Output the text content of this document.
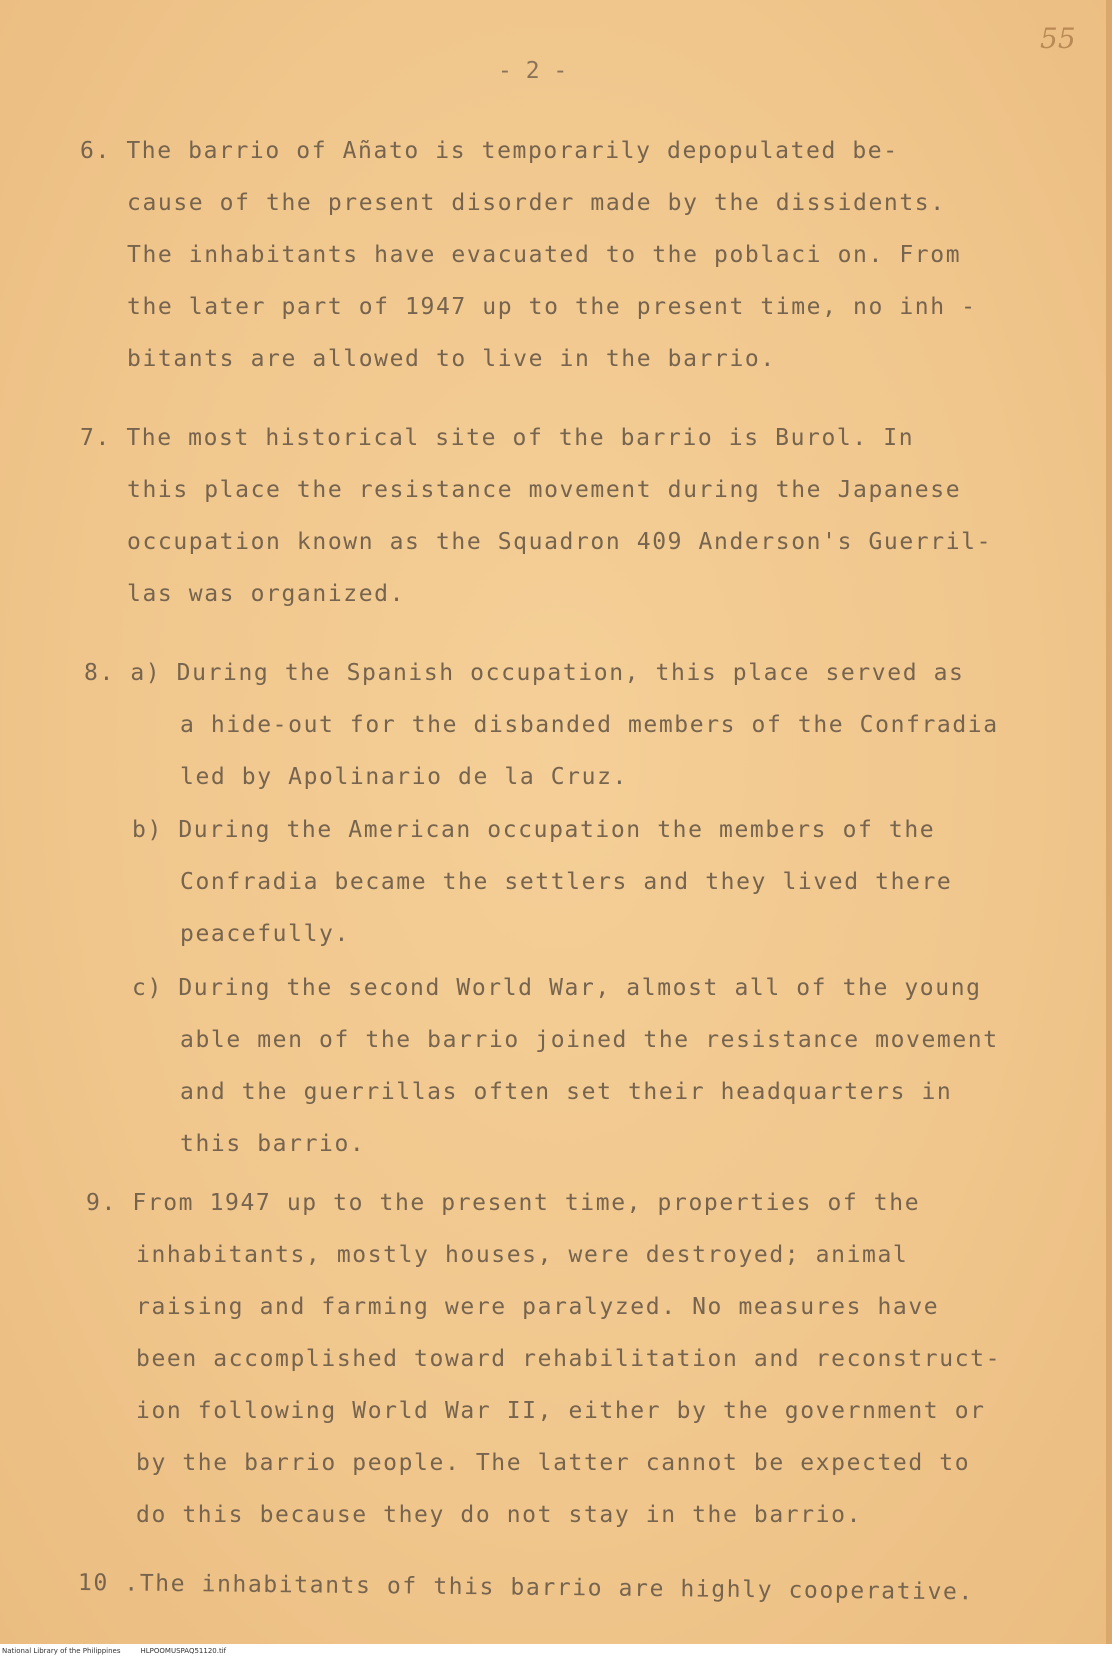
- 2 -
55
6. The barrio of Añato is temporarily depopulated be-
cause of the present disorder made by the dissidents.
The inhabitants have evacuated to the poblaci on. From
the later part of 1947 up to the present time, no inh -
bitants are allowed to live in the barrio.
7. The most historical site of the barrio is Burol. In
this place the resistance movement during the Japanese
occupation known as the Squadron 409 Anderson's Guerril-
las was organized.
8. a) During the Spanish occupation, this place served as
a hide-out for the disbanded members of the Confradia
led by Apolinario de la Cruz.
b) During the American occupation the members of the
Confradia became the settlers and they lived there
peacefully.
c) During the second World War, almost all of the young
able men of the barrio joined the resistance movement
and the guerrillas often set their headquarters in
this barrio.
9. From 1947 up to the present time, properties of the
inhabitants, mostly houses, were destroyed; animal
raising and farming were paralyzed. No measures have
been accomplished toward rehabilitation and reconstruct-
ion following World War II, either by the government or
by the barrio people. The latter cannot be expected to
do this because they do not stay in the barrio.
10 .The inhabitants of this barrio are highly cooperative.
National Library of the Philippines	HLPOOMUSPAQ51120.tif
